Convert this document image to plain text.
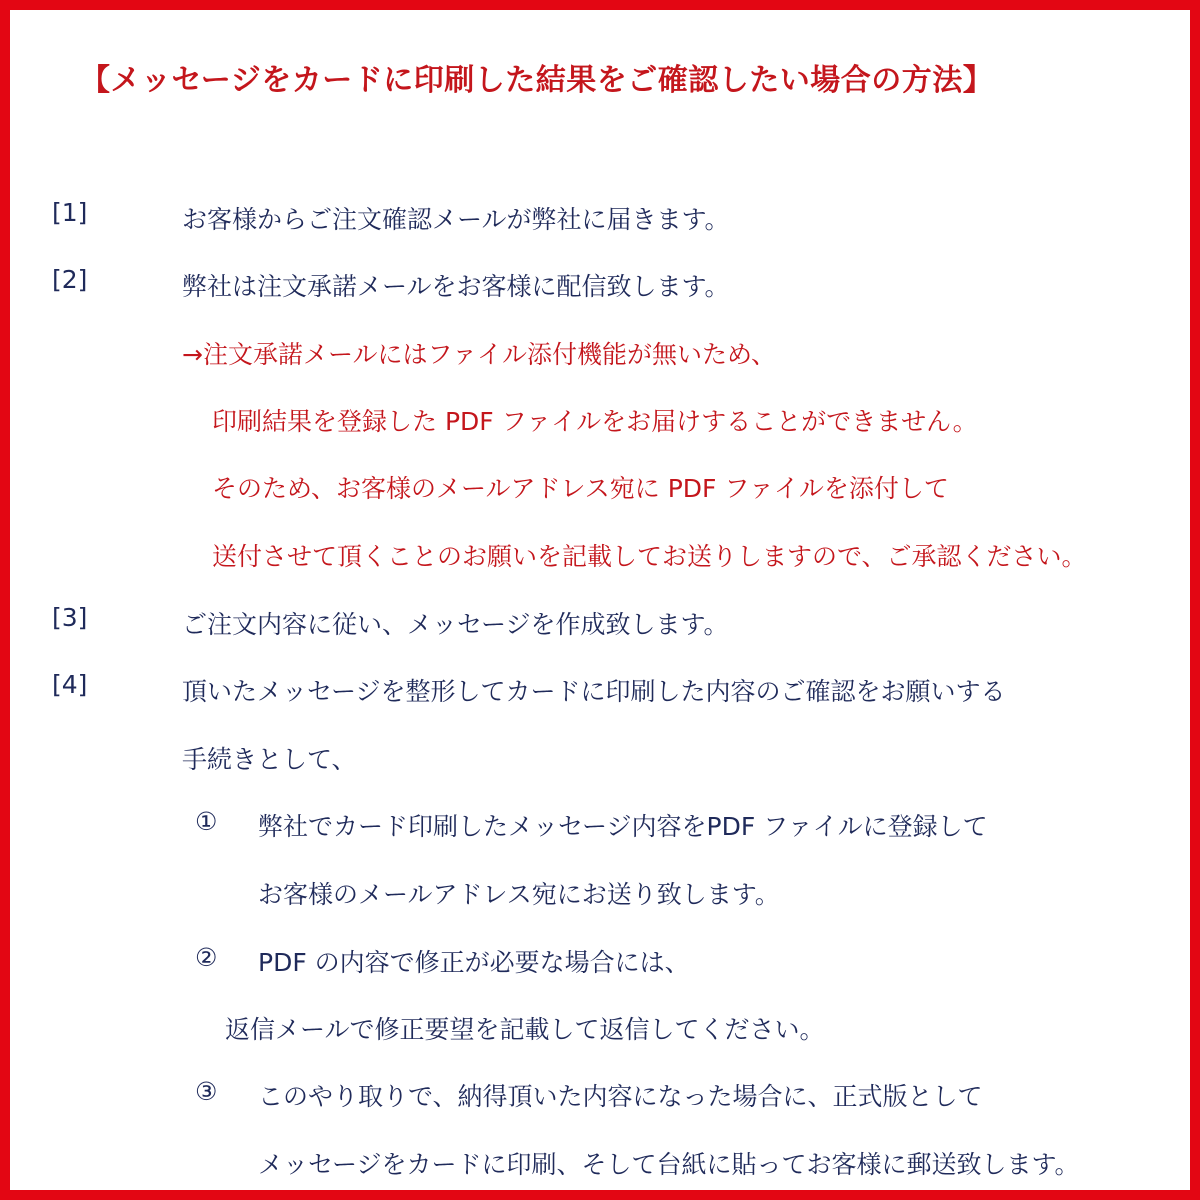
【メッセージをカードに印刷した結果をご確認したい場合の方法】
[1]	お客様からご注文確認メールが弊社に届きます。
[2]	弊社は注文承諾メールをお客様に配信致します。
→注文承諾メールにはファイル添付機能が無いため、
印刷結果を登録した PDF ファイルをお届けすることができません。
そのため、お客様のメールアドレス宛に PDF ファイルを添付して
送付させて頂くことのお願いを記載してお送りしますので、ご承認ください。
[3]	ご注文内容に従い、メッセージを作成致します。
[4]	頂いたメッセージを整形してカードに印刷した内容のご確認をお願いする
手続きとして、
① 弊社でカード印刷したメッセージ内容をPDF ファイルに登録して
お客様のメールアドレス宛にお送り致します。
② PDF の内容で修正が必要な場合には、
返信メールで修正要望を記載して返信してください。
③ このやり取りで、納得頂いた内容になった場合に、正式版として
メッセージをカードに印刷、そして台紙に貼ってお客様に郵送致します。
